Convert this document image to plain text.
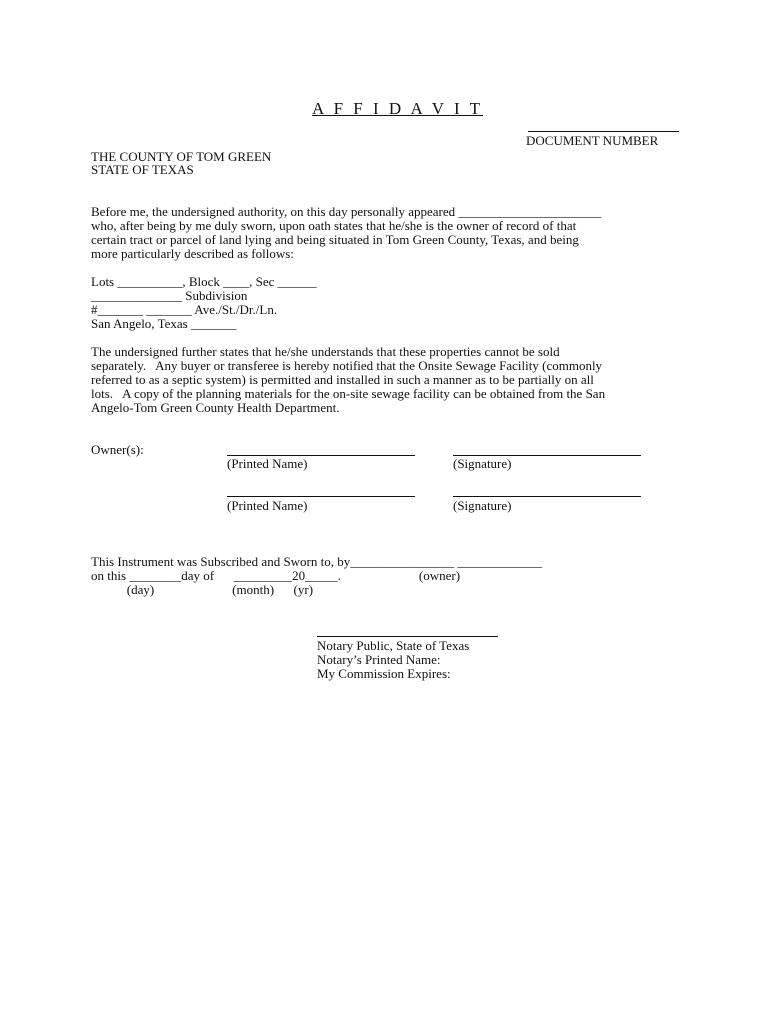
A F F I D A V I T
DOCUMENT NUMBER
THE COUNTY OF TOM GREEN
STATE OF TEXAS

Before me, the undersigned authority, on this day personally appeared ______________________

who, after being by me duly sworn, upon oath states that he/she is the owner of record of that

certain tract or parcel of land lying and being situated in Tom Green County, Texas, and being

more particularly described as follows:

Lots __________, Block ____, Sec ______

______________ Subdivision

#_______ _______ Ave./St./Dr./Ln.

San Angelo, Texas _______

The undersigned further states that he/she understands that these properties cannot be sold

separately.   Any buyer or transferee is hereby notified that the Onsite Sewage Facility (commonly

referred to as a septic system) is permitted and installed in such a manner as to be partially on all

lots.   A copy of the planning materials for the on-site sewage facility can be obtained from the San

Angelo-Tom Green County Health Department.

Owner(s):
(Printed Name)	(Signature)
(Printed Name)	(Signature)
This Instrument was Subscribed and Sworn to, by________________ _____________
on this ________day of      _________20_____.                        (owner)
(day)                        (month)      (yr)
Notary Public, State of Texas
Notary’s Printed Name:
My Commission Expires:
